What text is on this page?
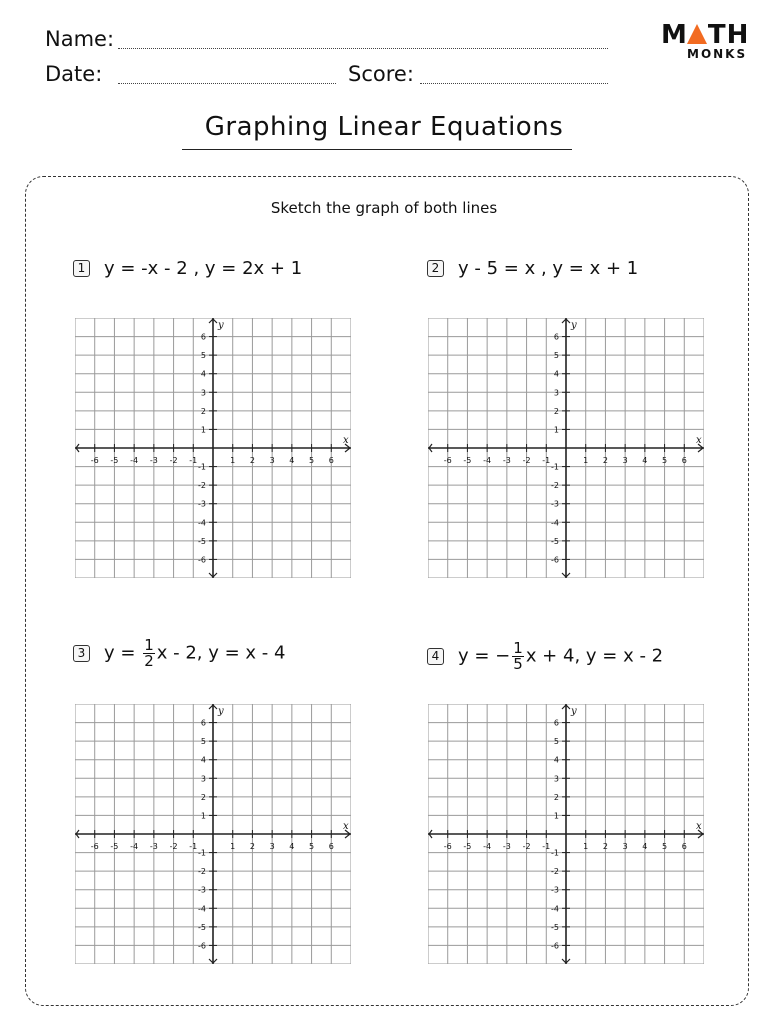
Name:
Date:	Score:
M TH
MONKS
Graphing Linear Equations
Sketch the graph of both lines
1 y = -x - 2 , y = 2x + 1	2 y - 5 = x , y = x + 1
3 $y = \frac{1}{2}$ x - 2, y = x - 4	4 y = − $\frac{1}{5}$ x + 4, y = x - 2
-6 -5 -4 -3 -2 -1	1 2 3 4 5 6
6
5
4
3
2
1
-1
-2
-3
-4
-5
-6
x
y
-6 -5 -4 -3 -2 -1	1 2 3 4 5 6
6
5
4
3
2
1
-1
-2
-3
-4
-5
-6
x
y
-6 -5 -4 -3 -2 -1	1 2 3 4 5 6
6
5
4
3
2
1
-1
-2
-3
-4
-5
-6
x
y
-6 -5 -4 -3 -2 -1	1 2 3 4 5 6
6
5
4
3
2
1
-1
-2
-3
-4
-5
-6
x
y
